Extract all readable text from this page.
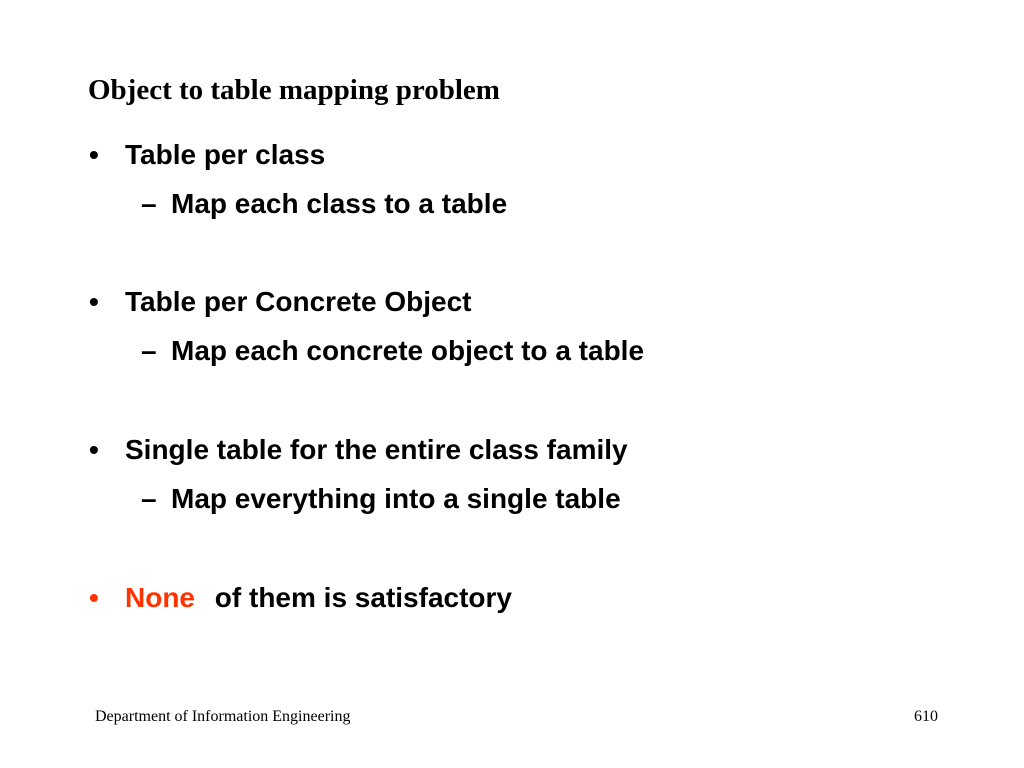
Object to table mapping problem
• Table per class
– Map each class to a table
• Table per Concrete Object
– Map each concrete object to a table
• Single table for the entire class family
– Map everything into a single table
• None of them is satisfactory
Department of Information Engineering	610
